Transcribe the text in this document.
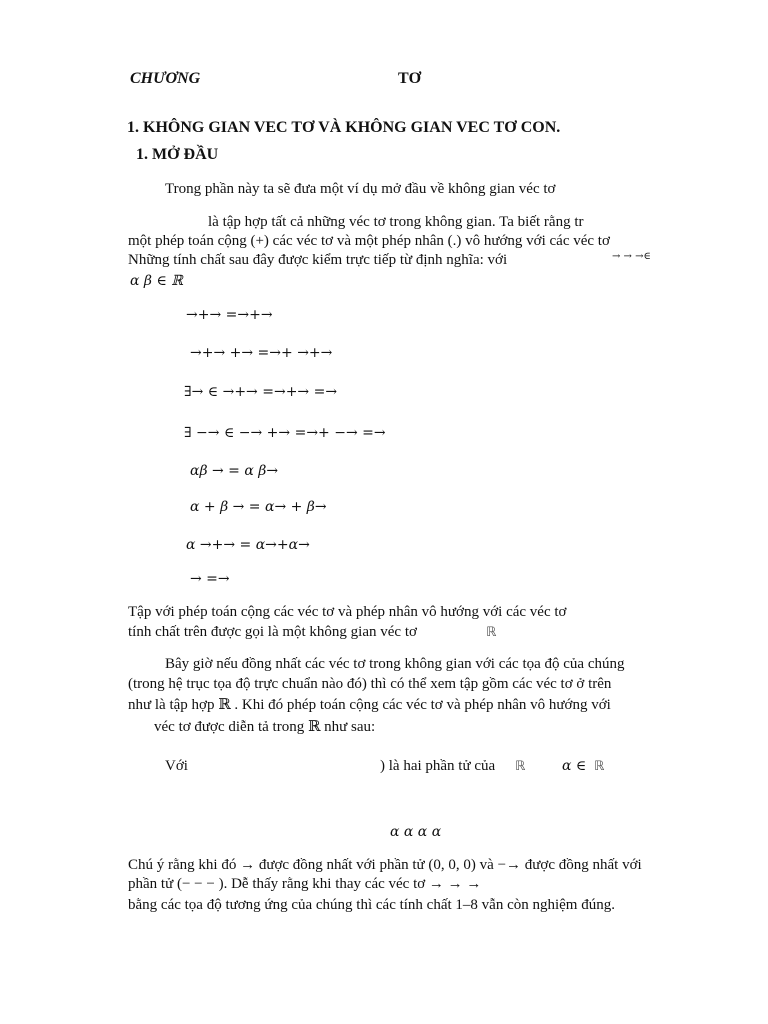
CHƯƠNG	TƠ
1. KHÔNG GIAN VEC TƠ VÀ KHÔNG GIAN VEC TƠ CON.
1. MỞ ĐẦU
Trong phần này ta sẽ đưa một ví dụ mở đầu về không gian véc tơ
là tập hợp tất cả những véc tơ trong không gian. Ta biết rằng tr
một phép toán cộng (+) các véc tơ và một phép nhân (.) vô hướng với các véc tơ
Những tính chất sau đây được kiểm trực tiếp từ định nghĩa: với	→ → →∈
α β ∈ ℝ
→+→ =→+→
→+→ +→ =→+ →+→
∃→ ∈ →+→ =→+→ =→
∃ −→ ∈ −→ +→ =→+ −→ =→
αβ → = α β→
α + β → = α→ + β→
α →+→ = α→+α→
→ =→
Tập với phép toán cộng các véc tơ và phép nhân vô hướng với các véc tơ
tính chất trên được gọi là một không gian véc tơ	ℝ
Bây giờ nếu đồng nhất các véc tơ trong không gian với các tọa độ của chúng
(trong hệ trục tọa độ trực chuẩn nào đó) thì có thể xem tập gồm các véc tơ ở trên
như là tập hợp ℝ . Khi đó phép toán cộng các véc tơ và phép nhân vô hướng với
véc tơ được diễn tả trong ℝ như sau:
Với	) là hai phần tử của ℝ	α ∈ ℝ
α α α α
Chú ý rằng khi đó → được đồng nhất với phần tử (0, 0, 0) và −→ được đồng nhất với
phần tử (− − − ). Dễ thấy rằng khi thay các véc tơ → → →
bằng các tọa độ tương ứng của chúng thì các tính chất 1–8 vẫn còn nghiệm đúng.
